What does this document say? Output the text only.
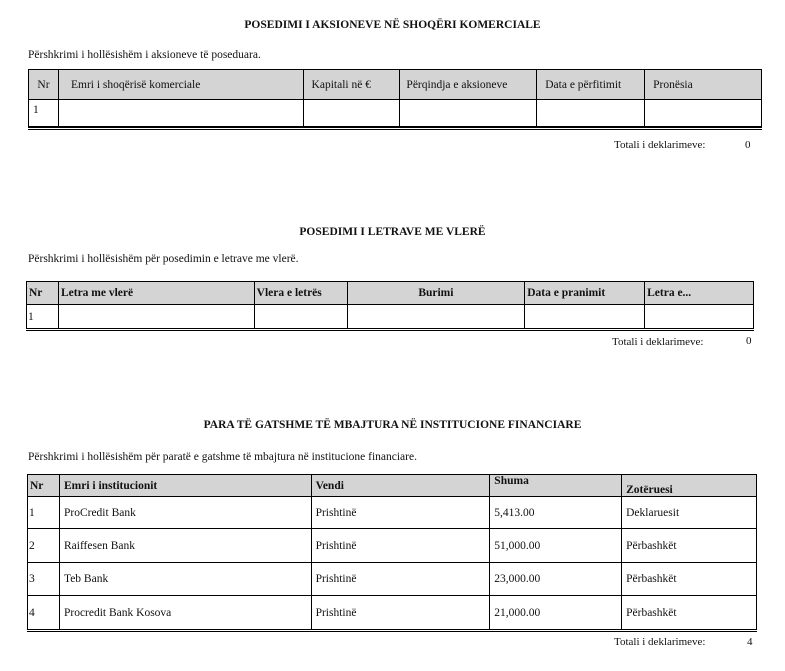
POSEDIMI I AKSIONEVE NË SHOQËRI KOMERCIALE
Përshkrimi i hollësishëm i aksioneve të poseduara.
Nr	Emri i shoqërisë komerciale	Kapitali në €	Përqindja e aksioneve	Data e përfitimit	Pronësia
1					
Totali i deklarimeve:	0
POSEDIMI I LETRAVE ME VLERË
Përshkrimi i hollësishëm për posedimin e letrave me vlerë.
Nr	Letra me vlerë	Vlera e letrës	Burimi	Data e pranimit	Letra e...
1					
Totali i deklarimeve:	0
PARA TË GATSHME TË MBAJTURA NË INSTITUCIONE FINANCIARE
Përshkrimi i hollësishëm për paratë e gatshme të mbajtura në institucione financiare.
Nr	Emri i institucionit	Vendi	Shuma	Zotëruesi
1	ProCredit Bank	Prishtinë	5,413.00	Deklaruesit
2	Raiffesen Bank	Prishtinë	51,000.00	Përbashkët
3	Teb Bank	Prishtinë	23,000.00	Përbashkët
4	Procredit Bank Kosova	Prishtinë	21,000.00	Përbashkët
Totali i deklarimeve:	4
